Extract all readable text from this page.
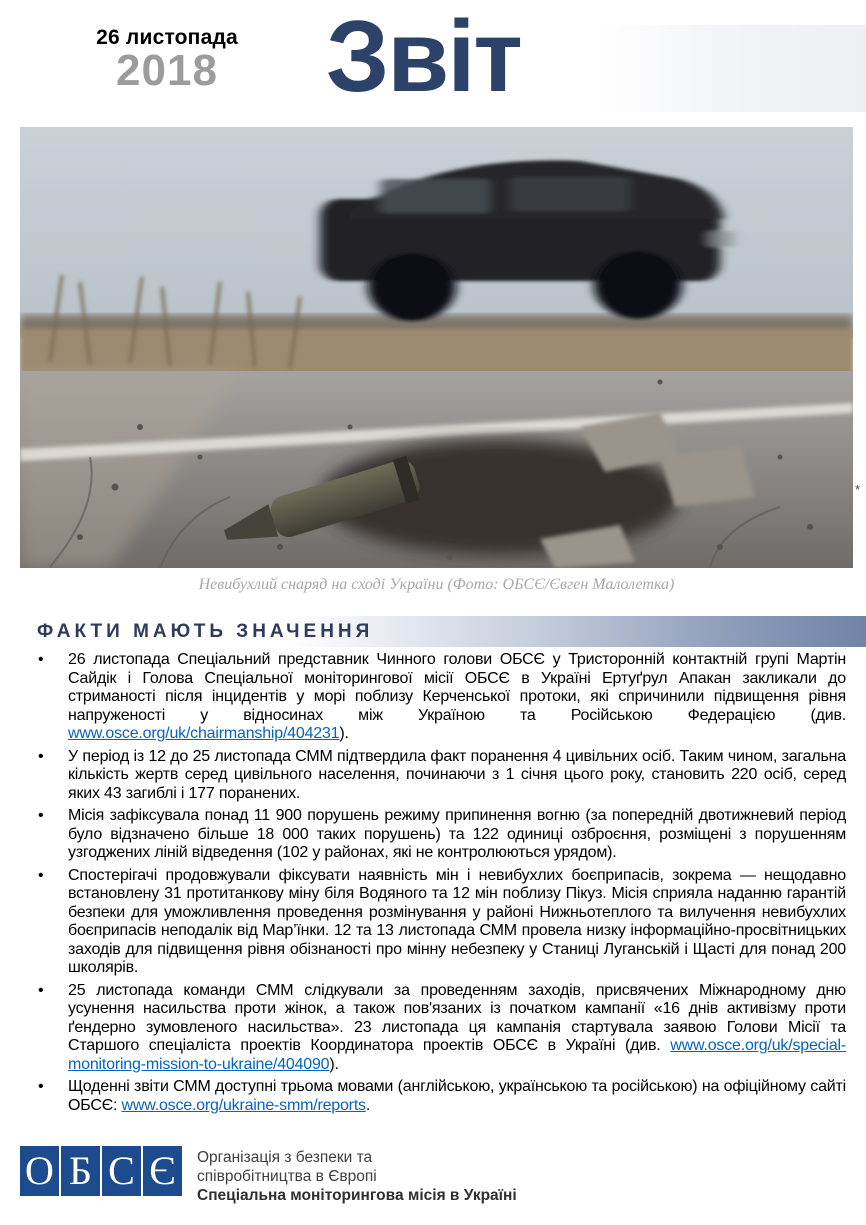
26 листопада
2018	Звіт
*
Невибухлий снаряд на сході України (Фото: ОБСЄ/Євген Малолетка)
ФАКТИ МАЮТЬ ЗНАЧЕННЯ
• 26 листопада Спеціальний представник Чинного голови ОБСЄ у Тристоронній контактній групі Мартін Сайдік і Голова Спеціальної моніторингової місії ОБСЄ в Україні Ертуґрул Апакан закликали до стриманості після інцидентів у морі поблизу Керченської протоки, які спричинили підвищення рівня напруженості у відносинах між Україною та Російською Федерацією (див. www.osce.org/uk/chairmanship/404231).
• У період із 12 до 25 листопада СММ підтвердила факт поранення 4 цивільних осіб. Таким чином, загальна кількість жертв серед цивільного населення, починаючи з 1 січня цього року, становить 220 осіб, серед яких 43 загиблі і 177 поранених.
• Місія зафіксувала понад 11 900 порушень режиму припинення вогню (за попередній двотижневий період було відзначено більше 18 000 таких порушень) та 122 одиниці озброєння, розміщені з порушенням узгоджених ліній відведення (102 у районах, які не контролюються урядом).
• Спостерігачі продовжували фіксувати наявність мін і невибухлих боєприпасів, зокрема — нещодавно встановлену 31 протитанкову міну біля Водяного та 12 мін поблизу Пікуз. Місія сприяла наданню гарантій безпеки для уможливлення проведення розмінування у районі Нижньотеплого та вилучення невибухлих боєприпасів неподалік від Мар’їнки. 12 та 13 листопада СММ провела низку інформаційно-просвітницьких заходів для підвищення рівня обізнаності про мінну небезпеку у Станиці Луганській і Щасті для понад 200 школярів.
• 25 листопада команди СММ слідкували за проведенням заходів, присвячених Міжнародному дню усунення насильства проти жінок, а також пов'язаних із початком кампанії «16 днів активізму проти ґендерно зумовленого насильства». 23 листопада ця кампанія стартувала заявою Голови Місії та Старшого спеціаліста проектів Координатора проектів ОБСЄ в Україні (див. www.osce.org/uk/special-monitoring-mission-to-ukraine/404090).
• Щоденні звіти СММ доступні трьома мовами (англійською, українською та російською) на офіційному сайті ОБСЄ: www.osce.org/ukraine-smm/reports.
О Б С Є	Організація з безпеки та
співробітництва в Європі
Спеціальна моніторингова місія в Україні
